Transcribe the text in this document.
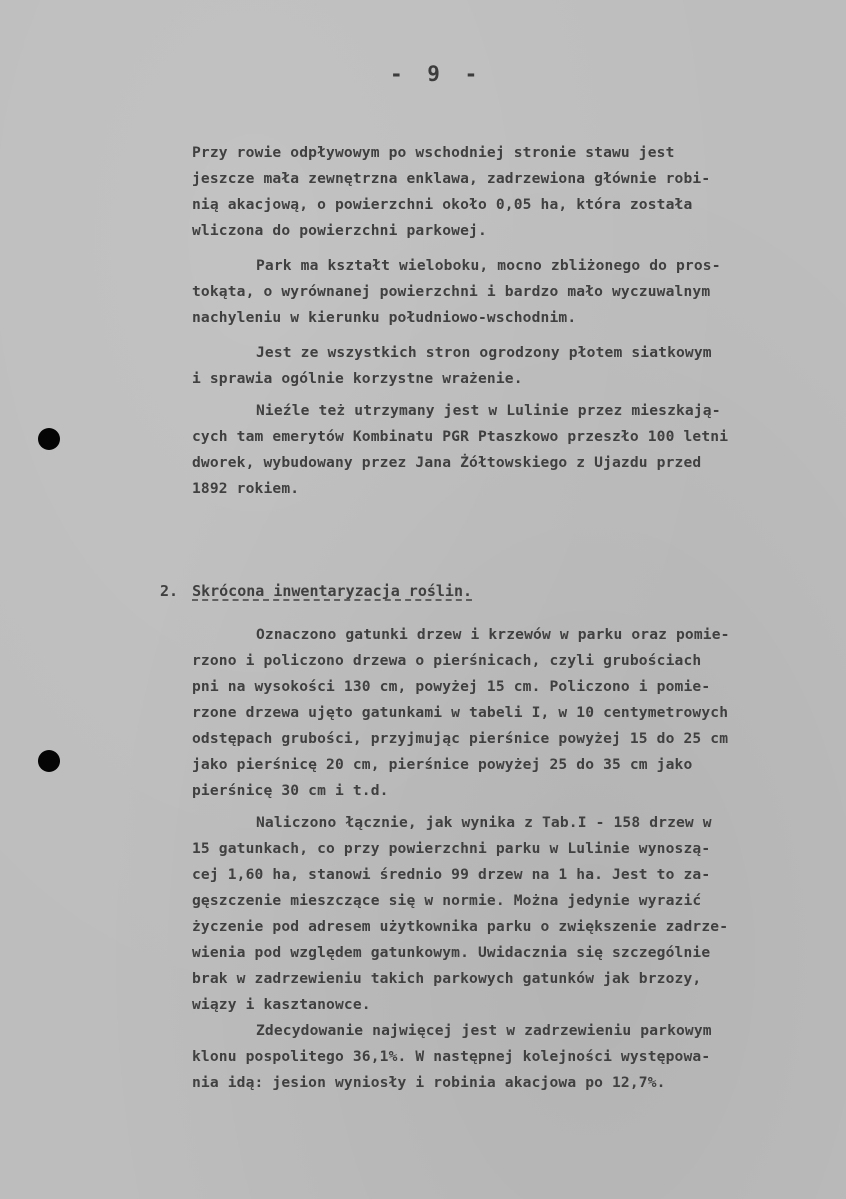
- 9 -
Przy rowie odpływowym po wschodniej stronie stawu jest
jeszcze mała zewnętrzna enklawa, zadrzewiona głównie robi-
nią akacjową, o powierzchni około 0,05 ha, która została
wliczona do powierzchni parkowej.
Park ma kształt wieloboku, mocno zbliżonego do pros-
tokąta, o wyrównanej powierzchni i bardzo mało wyczuwalnym
nachyleniu w kierunku południowo-wschodnim.
Jest ze wszystkich stron ogrodzony płotem siatkowym
i sprawia ogólnie korzystne wrażenie.
Nieźle też utrzymany jest w Lulinie przez mieszkają-
cych tam emerytów Kombinatu PGR Ptaszkowo przeszło 100 letni
dworek, wybudowany przez Jana Żółtowskiego z Ujazdu przed
1892 rokiem.
2. Skrócona inwentaryzacja roślin.
Oznaczono gatunki drzew i krzewów w parku oraz pomie-
rzono i policzono drzewa o pierśnicach, czyli grubościach
pni na wysokości 130 cm, powyżej 15 cm. Policzono i pomie-
rzone drzewa ujęto gatunkami w tabeli I, w 10 centymetrowych
odstępach grubości, przyjmując pierśnice powyżej 15 do 25 cm
jako pierśnicę 20 cm, pierśnice powyżej 25 do 35 cm jako
pierśnicę 30 cm i t.d.
Naliczono łącznie, jak wynika z Tab.I - 158 drzew w
15 gatunkach, co przy powierzchni parku w Lulinie wynoszą-
cej 1,60 ha, stanowi średnio 99 drzew na 1 ha. Jest to za-
gęszczenie mieszczące się w normie. Można jedynie wyrazić
życzenie pod adresem użytkownika parku o zwiększenie zadrze-
wienia pod względem gatunkowym. Uwidacznia się szczególnie
brak w zadrzewieniu takich parkowych gatunków jak brzozy,
wiązy i kasztanowce.
Zdecydowanie najwięcej jest w zadrzewieniu parkowym
klonu pospolitego 36,1%. W następnej kolejności występowa-
nia idą: jesion wyniosły i robinia akacjowa po 12,7%.
